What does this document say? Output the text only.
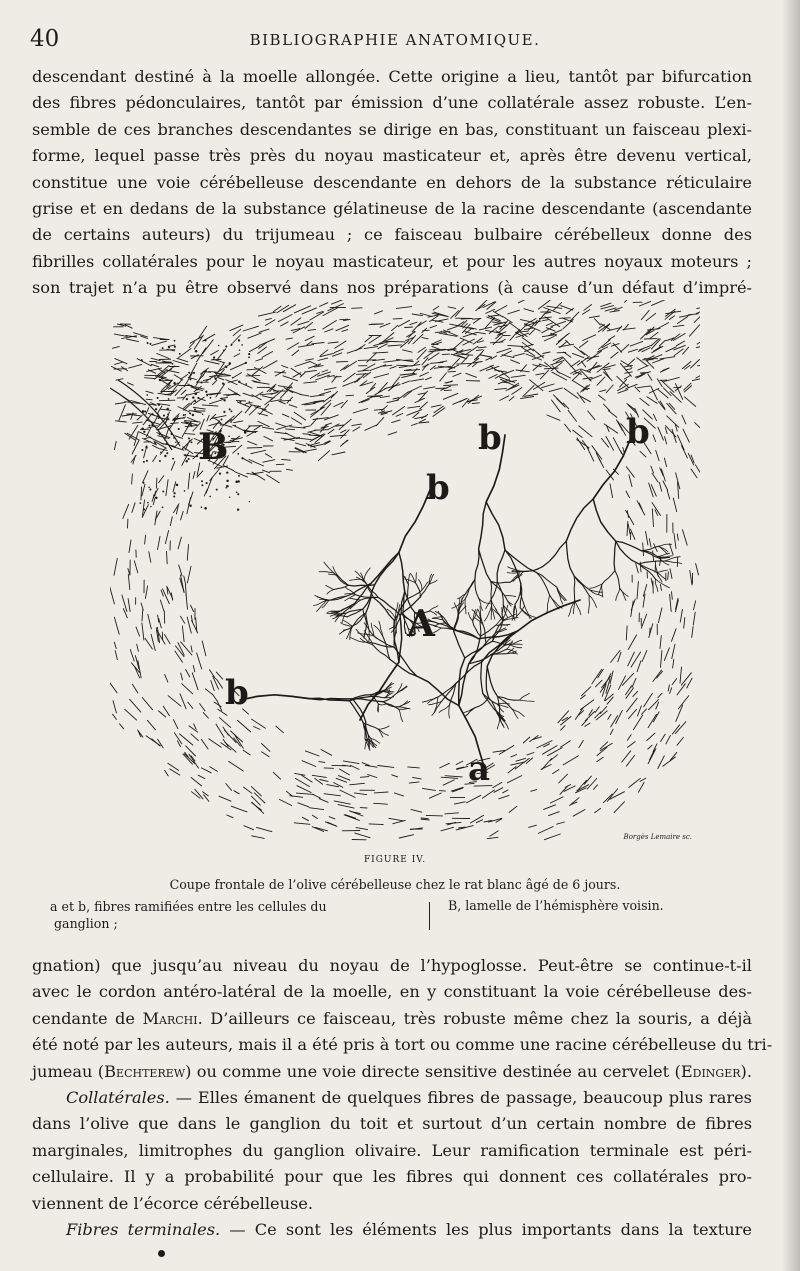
40	BIBLIOGRAPHIE ANATOMIQUE.

descendant destiné à la moelle allongée. Cette origine a lieu, tantôt par bifurcation
des fibres pédonculaires, tantôt par émission d’une collatérale assez robuste. L’en-
semble de ces branches descendantes se dirige en bas, constituant un faisceau plexi-
forme, lequel passe très près du noyau masticateur et, après être devenu vertical,
constitue une voie cérébelleuse descendante en dehors de la substance réticulaire
grise et en dedans de la substance gélatineuse de la racine descendante (ascendante
de certains auteurs) du trijumeau ; ce faisceau bulbaire cérébelleux donne des
fibrilles collatérales pour le noyau masticateur, et pour les autres noyaux moteurs ;
son trajet n’a pu être observé dans nos préparations (à cause d’un défaut d’impré-

B
A
a
b	b
b
b
Borgès Lemaire sc.
FIGURE IV.
Coupe frontale de l’olive cérébelleuse chez le rat blanc âgé de 6 jours.
a et b, fibres ramifiées entre les cellules du
ganglion ;
B, lamelle de l’hémisphère voisin.

gnation) que jusqu’au niveau du noyau de l’hypoglosse. Peut-être se continue-t-il
avec le cordon antéro-latéral de la moelle, en y constituant la voie cérébelleuse des-
cendante de Marchi. D’ailleurs ce faisceau, très robuste même chez la souris, a déjà
été noté par les auteurs, mais il a été pris à tort ou comme une racine cérébelleuse du tri-
jumeau (Bechterew) ou comme une voie directe sensitive destinée au cervelet (Edinger).
Collatérales. — Elles émanent de quelques fibres de passage, beaucoup plus rares
dans l’olive que dans le ganglion du toit et surtout d’un certain nombre de fibres
marginales, limitrophes du ganglion olivaire. Leur ramification terminale est péri-
cellulaire. Il y a probabilité pour que les fibres qui donnent ces collatérales pro-
viennent de l’écorce cérébelleuse.
Fibres terminales. — Ce sont les éléments les plus importants dans la texture
